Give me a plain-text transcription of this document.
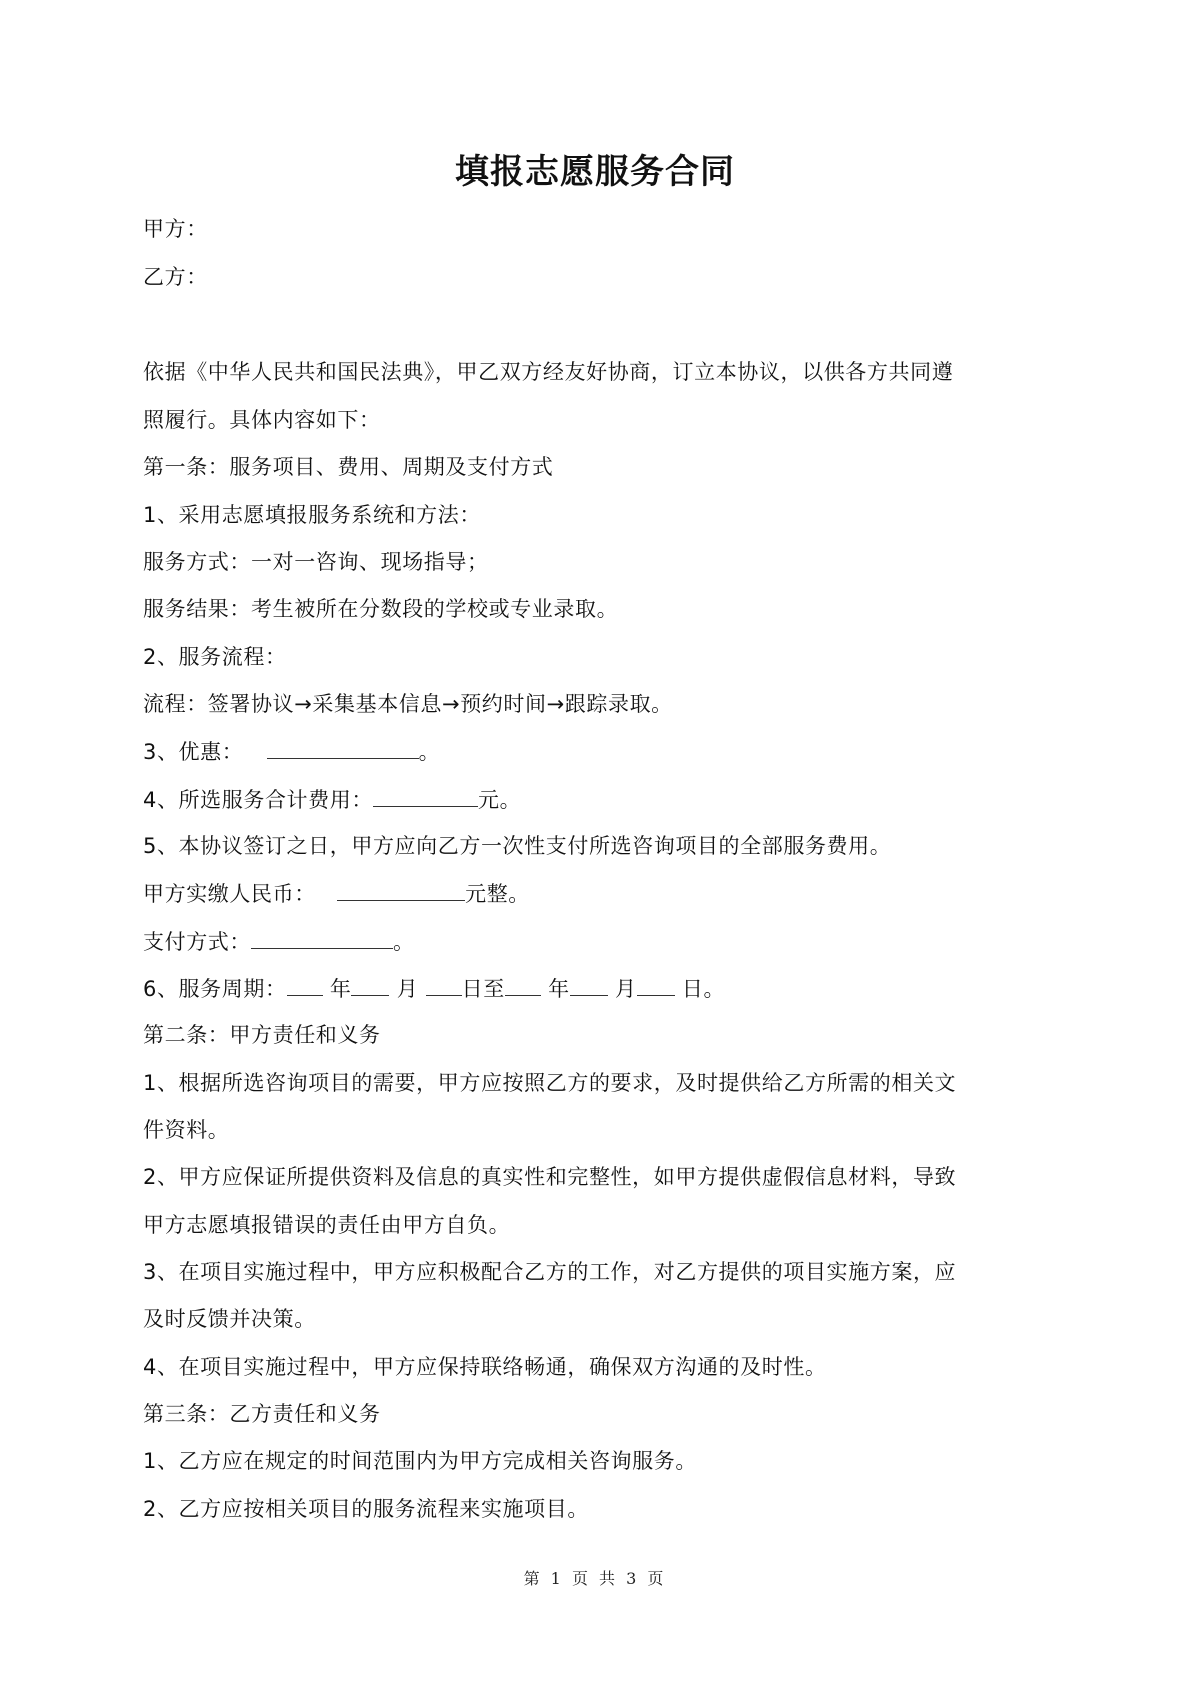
填报志愿服务合同
甲方：
乙方：
依据《中华人民共和国民法典》，甲乙双方经友好协商，订立本协议，以供各方共同遵
照履行。具体内容如下：
第一条：服务项目、费用、周期及支付方式
1、采用志愿填报服务系统和方法：
服务方式：一对一咨询、现场指导；
服务结果：考生被所在分数段的学校或专业录取。
2、服务流程：
流程：签署协议→采集基本信息→预约时间→跟踪录取。
3、优惠：	。
4、所选服务合计费用：	元。
5、本协议签订之日，甲方应向乙方一次性支付所选咨询项目的全部服务费用。
甲方实缴人民币：	元整。
支付方式：	。
6、服务周期： 年 月 日至 年 月 日。
第二条：甲方责任和义务
1、根据所选咨询项目的需要，甲方应按照乙方的要求，及时提供给乙方所需的相关文
件资料。
2、甲方应保证所提供资料及信息的真实性和完整性，如甲方提供虚假信息材料，导致
甲方志愿填报错误的责任由甲方自负。
3、在项目实施过程中，甲方应积极配合乙方的工作，对乙方提供的项目实施方案，应
及时反馈并决策。
4、在项目实施过程中，甲方应保持联络畅通，确保双方沟通的及时性。
第三条：乙方责任和义务
1、乙方应在规定的时间范围内为甲方完成相关咨询服务。
2、乙方应按相关项目的服务流程来实施项目。
第 1 页 共 3 页
